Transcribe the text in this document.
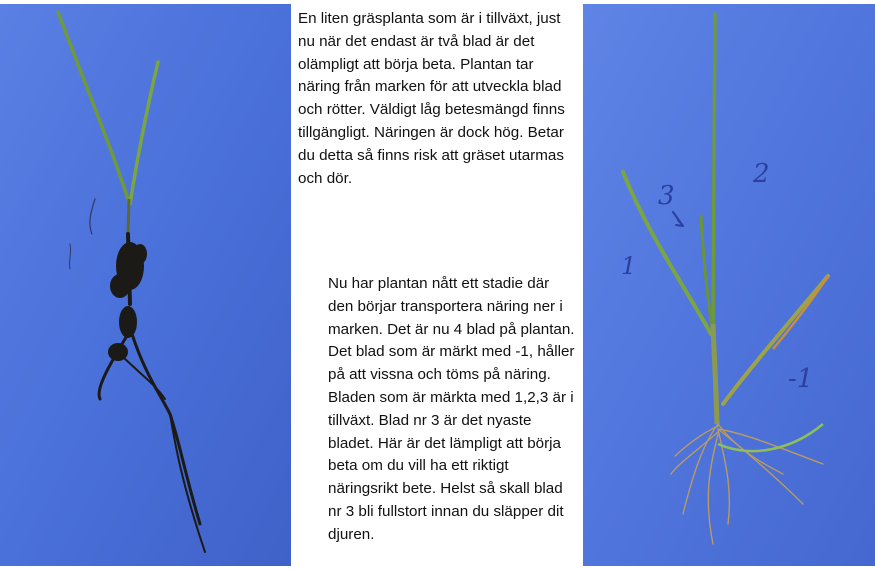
En liten gräsplanta som är i tillväxt, just nu när det endast är två blad är det olämpligt att börja beta. Plantan tar näring från marken för att utveckla blad och rötter. Väldigt låg betesmängd finns tillgängligt. Näringen är dock hög. Betar du detta så finns risk att gräset utarmas och dör.

Nu har plantan nått ett stadie där den börjar transportera näring ner i marken. Det är nu 4 blad på plantan. Det blad som är märkt med -1, håller på att vissna och töms på näring. Bladen som är märkta med 1,2,3 är i tillväxt. Blad nr 3 är det nyaste bladet. Här är det lämpligt att börja beta om du vill ha ett riktigt näringsrikt bete. Helst så skall blad nr 3 bli fullstort innan du släpper dit djuren.

1
2
3
-1
